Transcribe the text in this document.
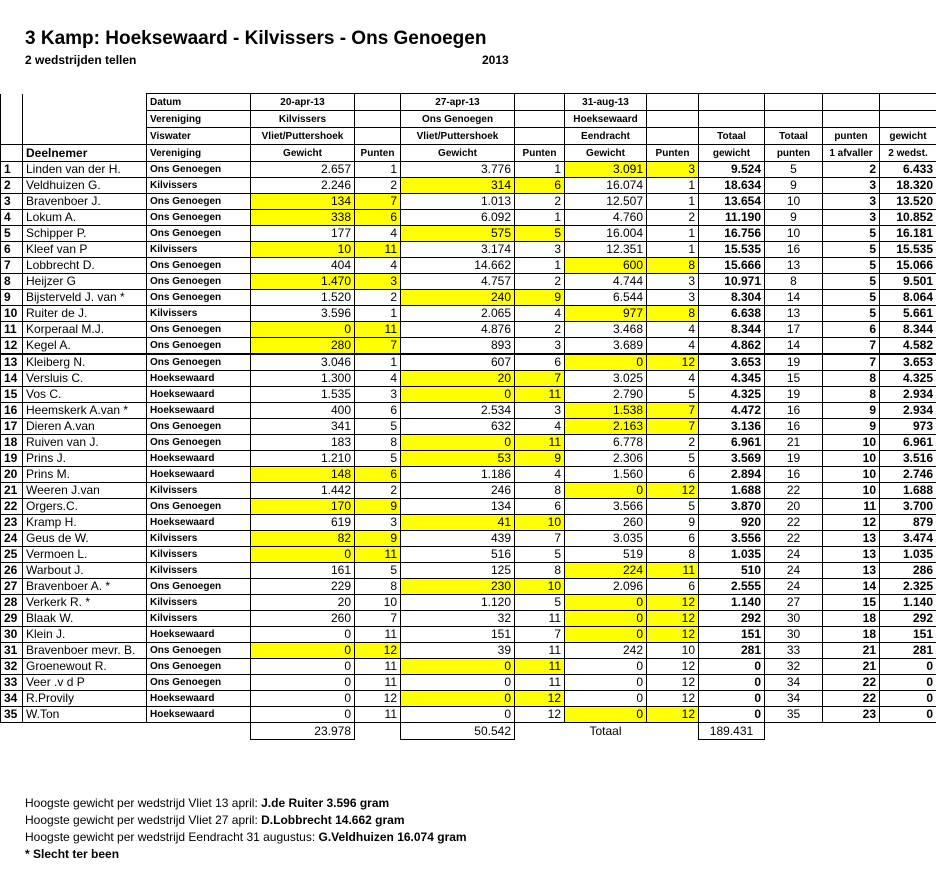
3 Kamp: Hoeksewaard - Kilvissers - Ons Genoegen
2 wedstrijden tellen	2013
		Datum	20-apr-13		27-apr-13		31-aug-13					
		Vereniging	Kilvissers		Ons Genoegen		Hoeksewaard					
		Viswater	Vliet/Puttershoek		Vliet/Puttershoek		Eendracht		Totaal	Totaal	punten	gewicht
	Deelnemer	Vereniging	Gewicht	Punten	Gewicht	Punten	Gewicht	Punten	gewicht	punten	1 afvaller	2 wedst.
1	Linden van der H.	Ons Genoegen	2.657	1	3.776	1	3.091	3	9.524	5	2	6.433
2	Veldhuizen G.	Kilvissers	2.246	2	314	6	16.074	1	18.634	9	3	18.320
3	Bravenboer J.	Ons Genoegen	134	7	1.013	2	12.507	1	13.654	10	3	13.520
4	Lokum A.	Ons Genoegen	338	6	6.092	1	4.760	2	11.190	9	3	10.852
5	Schipper P.	Ons Genoegen	177	4	575	5	16.004	1	16.756	10	5	16.181
6	Kleef van P	Kilvissers	10	11	3.174	3	12.351	1	15.535	16	5	15.535
7	Lobbrecht D.	Ons Genoegen	404	4	14.662	1	600	8	15.666	13	5	15.066
8	Heijzer G	Ons Genoegen	1.470	3	4.757	2	4.744	3	10.971	8	5	9.501
9	Bijsterveld J. van *	Ons Genoegen	1.520	2	240	9	6.544	3	8.304	14	5	8.064
10	Ruiter de J.	Kilvissers	3.596	1	2.065	4	977	8	6.638	13	5	5.661
11	Korperaal M.J.	Ons Genoegen	0	11	4.876	2	3.468	4	8.344	17	6	8.344
12	Kegel A.	Ons Genoegen	280	7	893	3	3.689	4	4.862	14	7	4.582
13	Kleiberg N.	Ons Genoegen	3.046	1	607	6	0	12	3.653	19	7	3.653
14	Versluis C.	Hoeksewaard	1.300	4	20	7	3.025	4	4.345	15	8	4.325
15	Vos C.	Hoeksewaard	1.535	3	0	11	2.790	5	4.325	19	8	2.934
16	Heemskerk A.van *	Hoeksewaard	400	6	2.534	3	1.538	7	4.472	16	9	2.934
17	Dieren A.van	Ons Genoegen	341	5	632	4	2.163	7	3.136	16	9	973
18	Ruiven van J.	Ons Genoegen	183	8	0	11	6.778	2	6.961	21	10	6.961
19	Prins J.	Hoeksewaard	1.210	5	53	9	2.306	5	3.569	19	10	3.516
20	Prins M.	Hoeksewaard	148	6	1.186	4	1.560	6	2.894	16	10	2.746
21	Weeren J.van	Kilvissers	1.442	2	246	8	0	12	1.688	22	10	1.688
22	Orgers.C.	Ons Genoegen	170	9	134	6	3.566	5	3.870	20	11	3.700
23	Kramp H.	Hoeksewaard	619	3	41	10	260	9	920	22	12	879
24	Geus de W.	Kilvissers	82	9	439	7	3.035	6	3.556	22	13	3.474
25	Vermoen L.	Kilvissers	0	11	516	5	519	8	1.035	24	13	1.035
26	Warbout J.	Kilvissers	161	5	125	8	224	11	510	24	13	286
27	Bravenboer A. *	Ons Genoegen	229	8	230	10	2.096	6	2.555	24	14	2.325
28	Verkerk R. *	Kilvissers	20	10	1.120	5	0	12	1.140	27	15	1.140
29	Blaak W.	Kilvissers	260	7	32	11	0	12	292	30	18	292
30	Klein J.	Hoeksewaard	0	11	151	7	0	12	151	30	18	151
31	Bravenboer mevr. B.	Ons Genoegen	0	12	39	11	242	10	281	33	21	281
32	Groenewout R.	Ons Genoegen	0	11	0	11	0	12	0	32	21	0
33	Veer .v d P	Ons Genoegen	0	11	0	11	0	12	0	34	22	0
34	R.Provily	Hoeksewaard	0	12	0	12	0	12	0	34	22	0
35	W.Ton	Hoeksewaard	0	11	0	12	0	12	0	35	23	0
			23.978		50.542		Totaal		189.431			
Hoogste gewicht per wedstrijd Vliet 13 april: J.de Ruiter 3.596 gram
Hoogste gewicht per wedstrijd Vliet 27 april: D.Lobbrecht 14.662 gram
Hoogste gewicht per wedstrijd Eendracht 31 augustus: G.Veldhuizen 16.074 gram
* Slecht ter been
